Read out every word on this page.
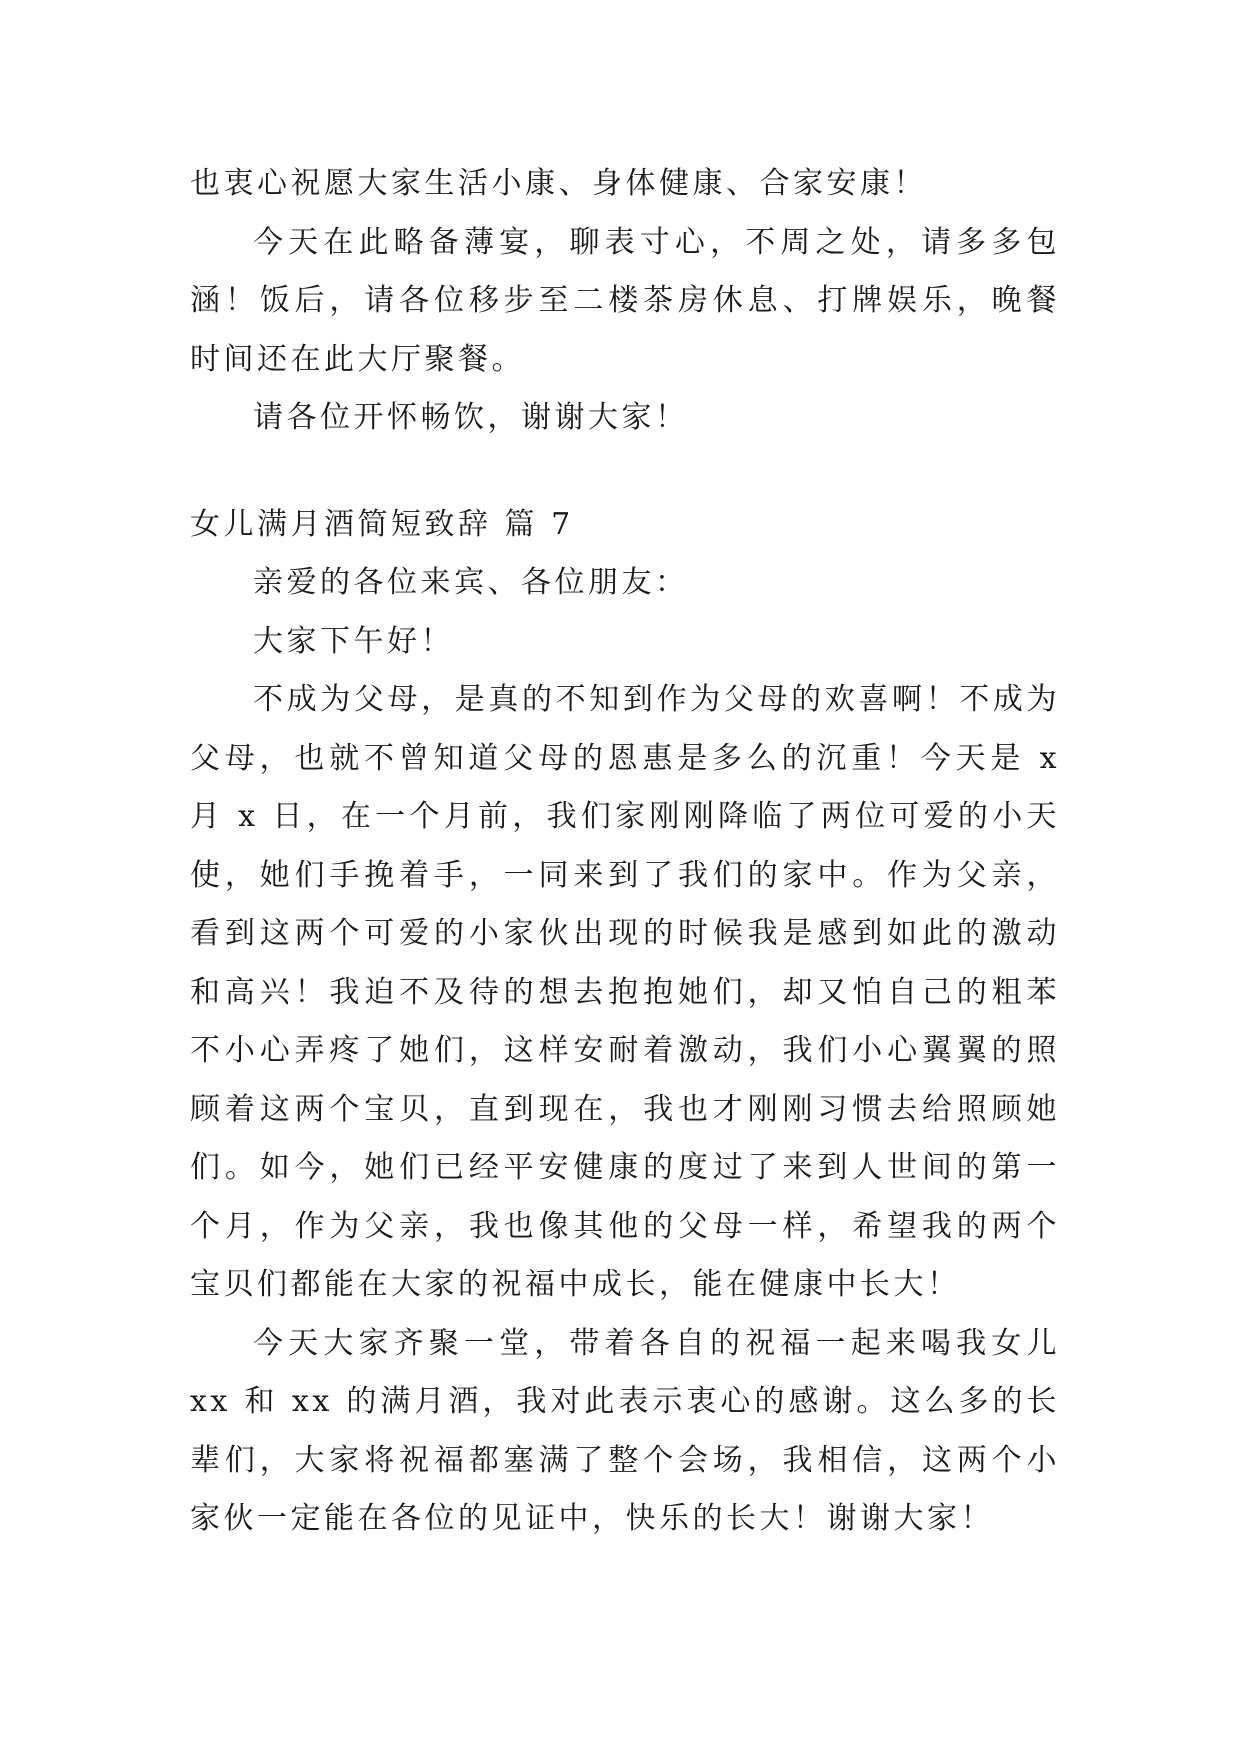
也衷心祝愿大家生活小康、身体健康、合家安康！

今天在此略备薄宴，聊表寸心，不周之处，请多多包涵！饭后，请各位移步至二楼茶房休息、打牌娱乐，晚餐时间还在此大厅聚餐。

请各位开怀畅饮，谢谢大家！

女儿满月酒简短致辞 篇 7

亲爱的各位来宾、各位朋友：

大家下午好！

不成为父母，是真的不知到作为父母的欢喜啊！不成为父母，也就不曾知道父母的恩惠是多么的沉重！今天是 x 月 x 日，在一个月前，我们家刚刚降临了两位可爱的小天使，她们手挽着手，一同来到了我们的家中。作为父亲，看到这两个可爱的小家伙出现的时候我是感到如此的激动和高兴！我迫不及待的想去抱抱她们，却又怕自己的粗苯不小心弄疼了她们，这样安耐着激动，我们小心翼翼的照顾着这两个宝贝，直到现在，我也才刚刚习惯去给照顾她们。如今，她们已经平安健康的度过了来到人世间的第一个月，作为父亲，我也像其他的父母一样，希望我的两个宝贝们都能在大家的祝福中成长，能在健康中长大！

今天大家齐聚一堂，带着各自的祝福一起来喝我女儿 xx 和 xx 的满月酒，我对此表示衷心的感谢。这么多的长辈们，大家将祝福都塞满了整个会场，我相信，这两个小家伙一定能在各位的见证中，快乐的长大！谢谢大家！
